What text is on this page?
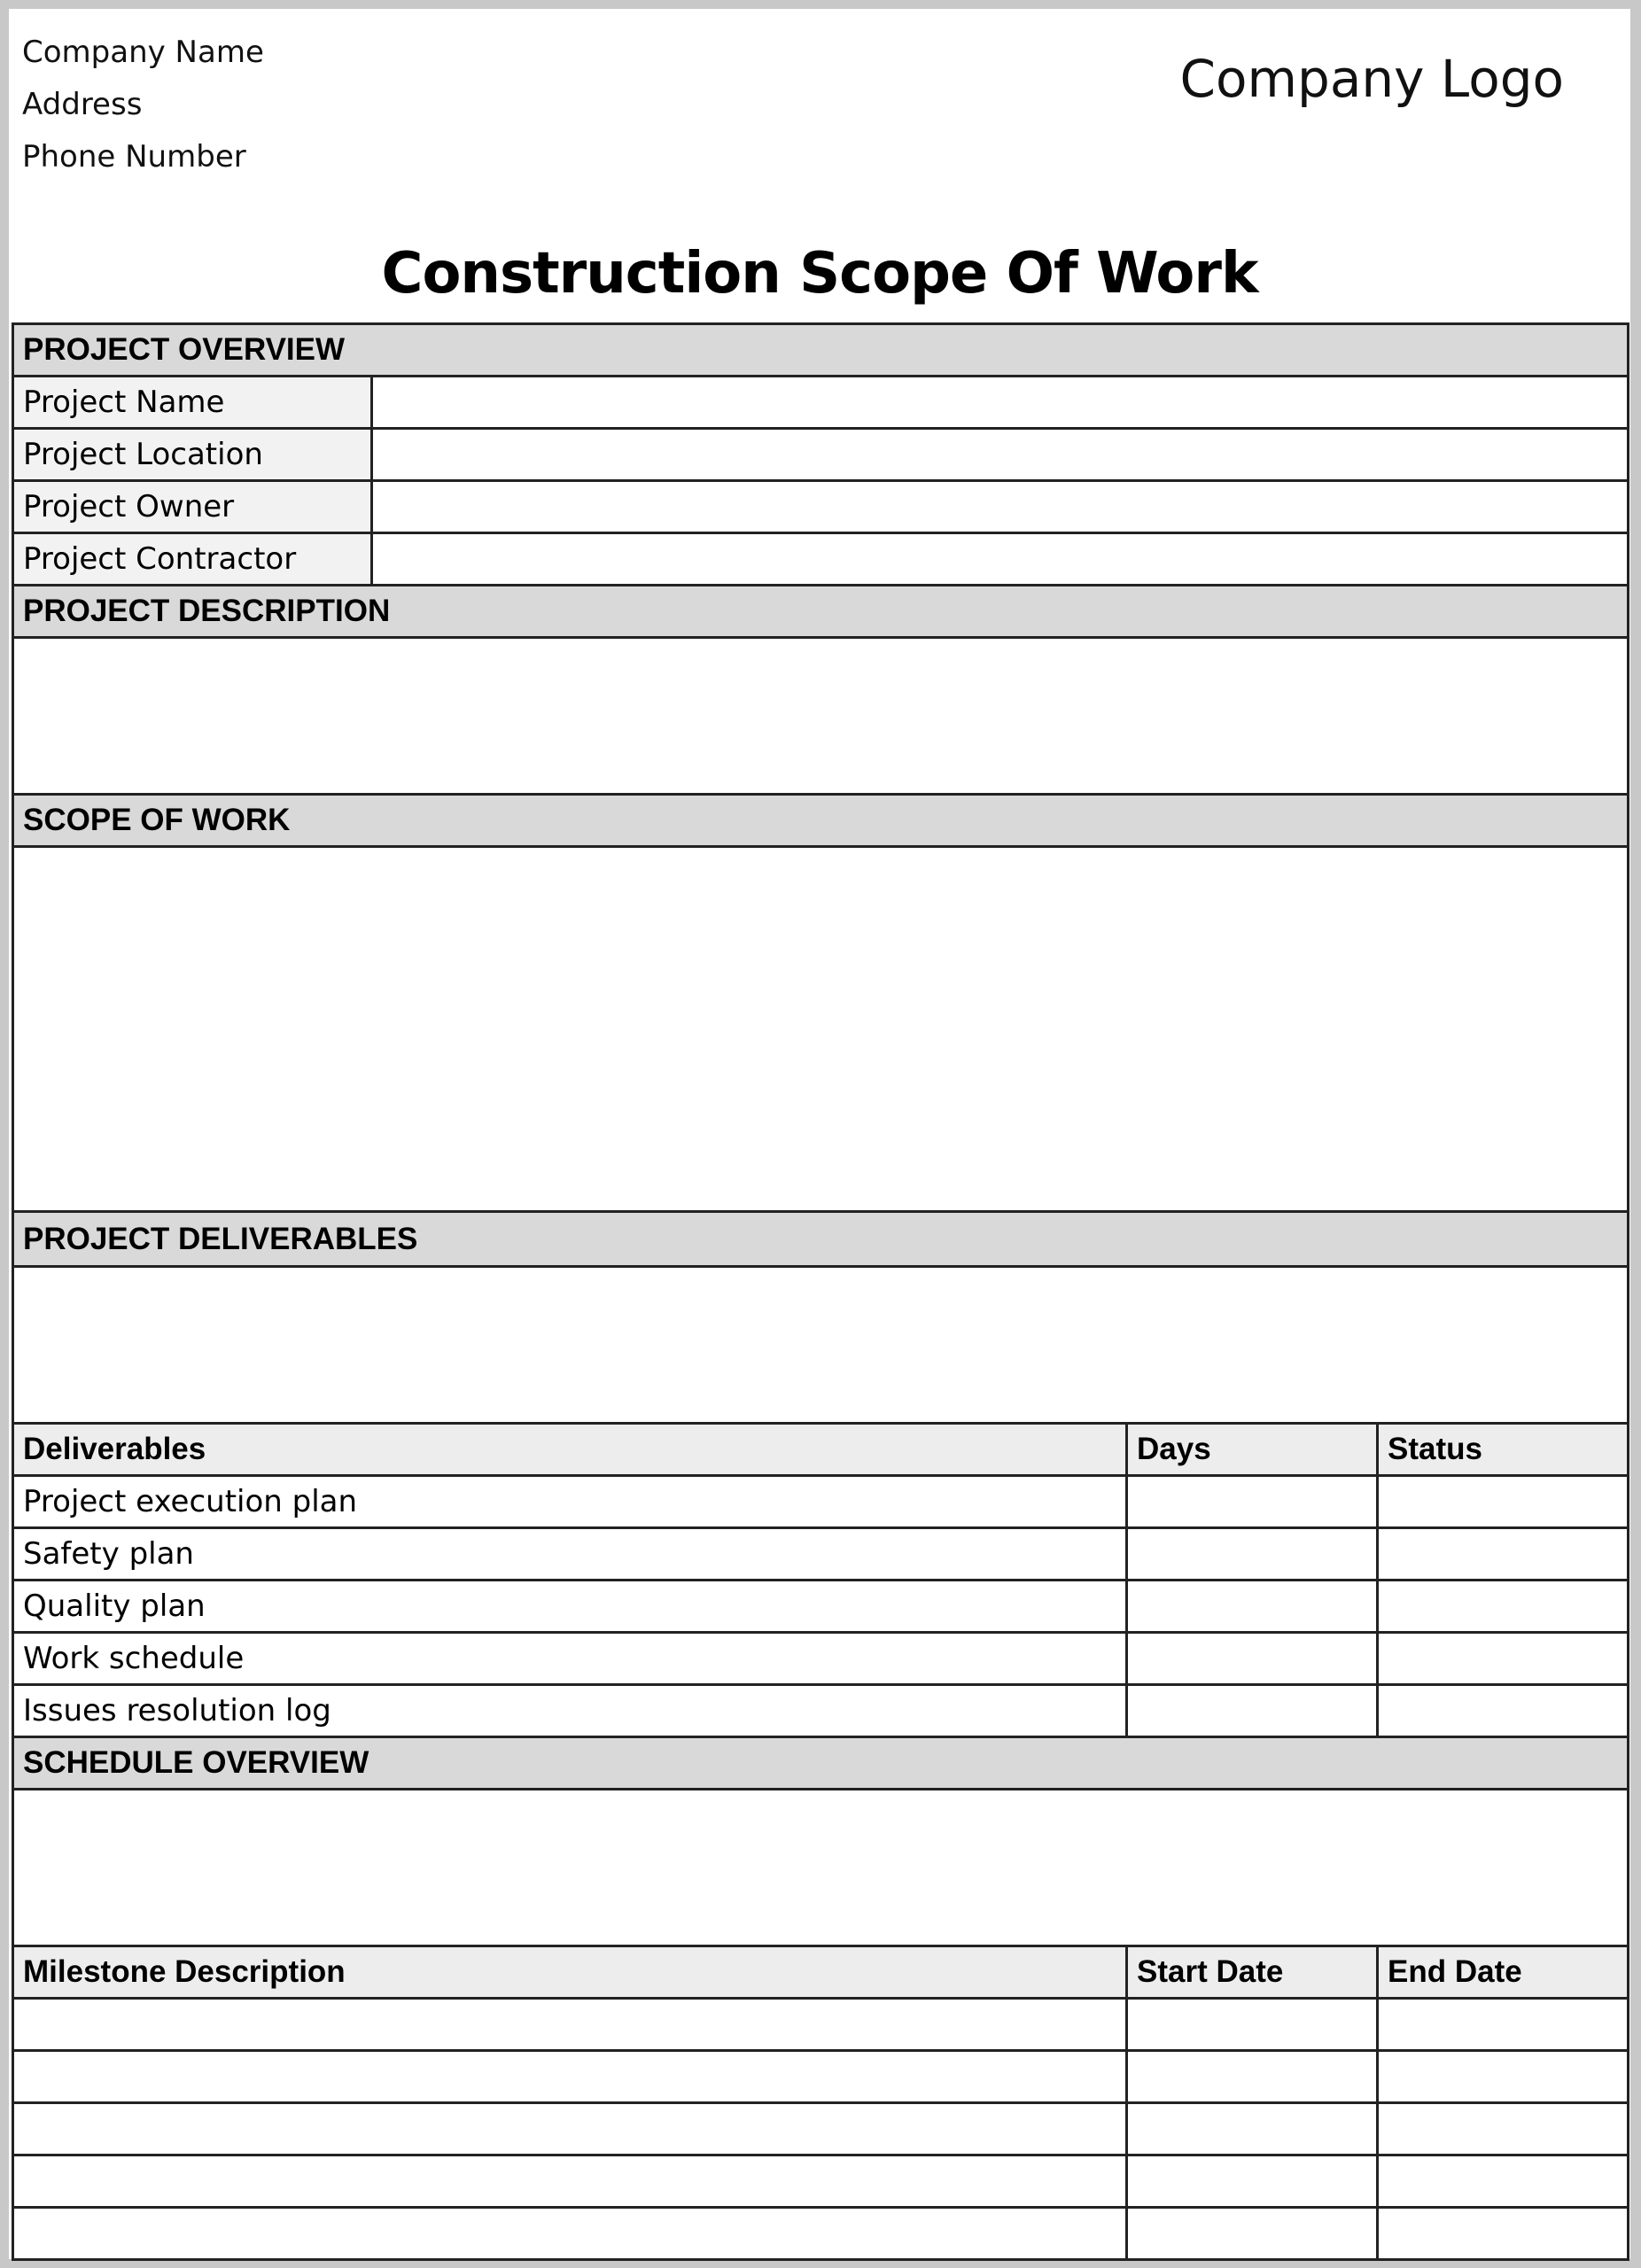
Company Name
Address
Phone Number
Company Logo
Construction Scope Of Work
PROJECT OVERVIEW
Project Name
Project Location
Project Owner
Project Contractor
PROJECT DESCRIPTION
SCOPE OF WORK
PROJECT DELIVERABLES
Deliverables	Days	Status
Project execution plan
Safety plan
Quality plan
Work schedule
Issues resolution log
SCHEDULE OVERVIEW
Milestone Description	Start Date	End Date
